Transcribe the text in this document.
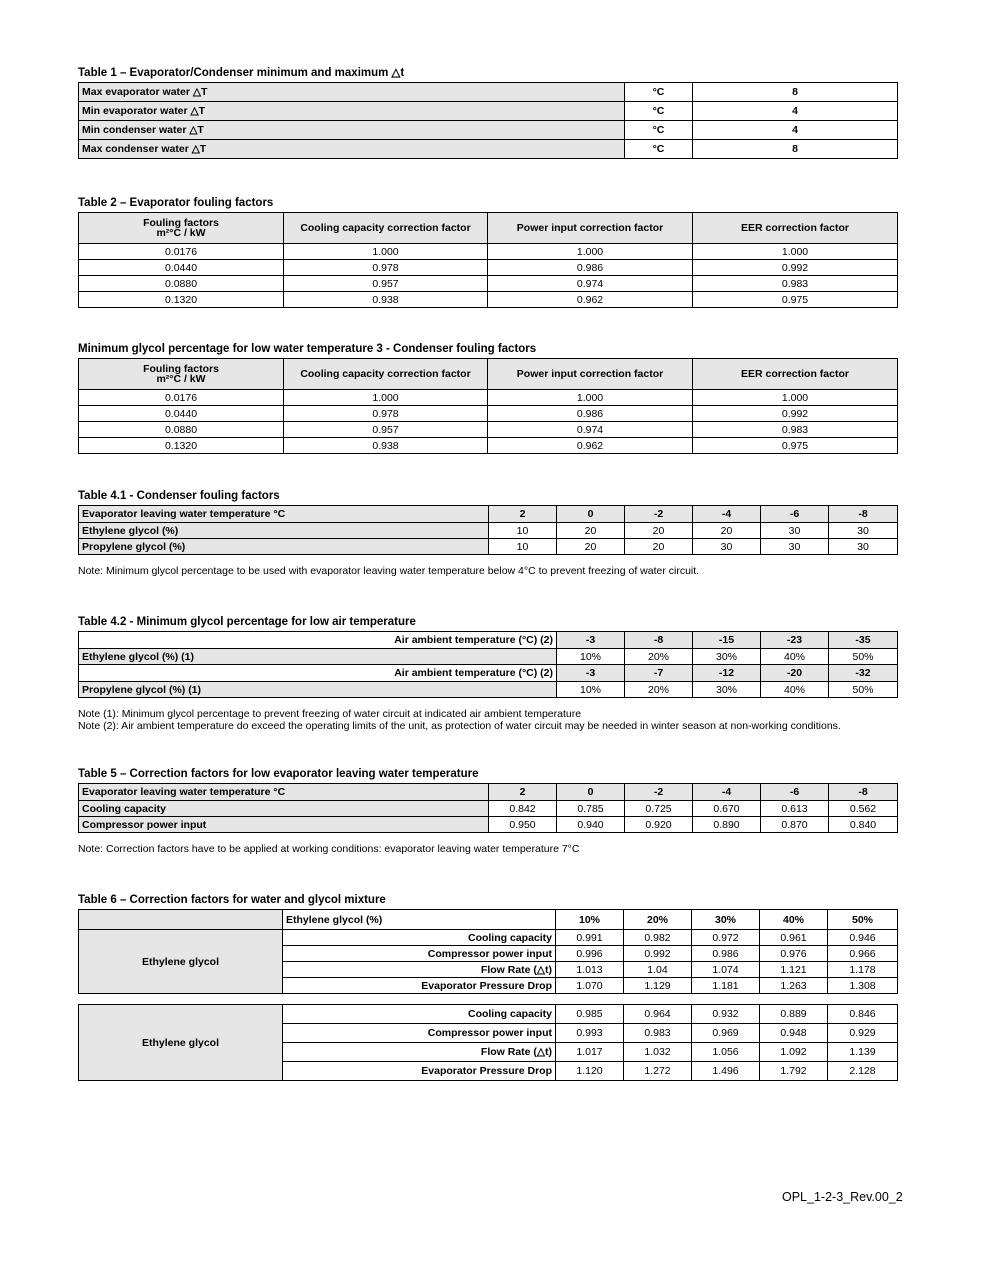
Table 1 – Evaporator/Condenser minimum and maximum △t
Max evaporator water △T	°C	8
Min evaporator water △T	°C	4
Min condenser water △T	°C	4
Max condenser water △T	°C	8
Table 2 – Evaporator fouling factors
Fouling factors
m²°C / kW	Cooling capacity correction factor	Power input correction factor	EER correction factor
0.0176	1.000	1.000	1.000
0.0440	0.978	0.986	0.992
0.0880	0.957	0.974	0.983
0.1320	0.938	0.962	0.975
Minimum glycol percentage for low water temperature 3 - Condenser fouling factors
Fouling factors
m²°C / kW	Cooling capacity correction factor	Power input correction factor	EER correction factor
0.0176	1.000	1.000	1.000
0.0440	0.978	0.986	0.992
0.0880	0.957	0.974	0.983
0.1320	0.938	0.962	0.975
Table 4.1 - Condenser fouling factors
Evaporator leaving water temperature °C	2	0	-2	-4	-6	-8
Ethylene glycol (%)	10	20	20	20	30	30
Propylene glycol (%)	10	20	20	30	30	30
Note: Minimum glycol percentage to be used with evaporator leaving water temperature below 4°C to prevent freezing of water circuit.
Table 4.2 - Minimum glycol percentage for low air temperature
Air ambient temperature (°C) (2)	-3	-8	-15	-23	-35
Ethylene glycol (%) (1)	10%	20%	30%	40%	50%
Air ambient temperature (°C) (2)	-3	-7	-12	-20	-32
Propylene glycol (%) (1)	10%	20%	30%	40%	50%
Note (1): Minimum glycol percentage to prevent freezing of water circuit at indicated air ambient temperature
Note (2): Air ambient temperature do exceed the operating limits of the unit, as protection of water circuit may be needed in winter season at non-working conditions.
Table 5 – Correction factors for low evaporator leaving water temperature
Evaporator leaving water temperature °C	2	0	-2	-4	-6	-8
Cooling capacity	0.842	0.785	0.725	0.670	0.613	0.562
Compressor power input	0.950	0.940	0.920	0.890	0.870	0.840
Note: Correction factors have to be applied at working conditions: evaporator leaving water temperature 7°C
Table 6 – Correction factors for water and glycol mixture
	Ethylene glycol (%)	10%	20%	30%	40%	50%
Ethylene glycol	Cooling capacity	0.991	0.982	0.972	0.961	0.946
	Compressor power input	0.996	0.992	0.986	0.976	0.966
	Flow Rate (△t)	1.013	1.04	1.074	1.121	1.178
	Evaporator Pressure Drop	1.070	1.129	1.181	1.263	1.308
Ethylene glycol	Cooling capacity	0.985	0.964	0.932	0.889	0.846
	Compressor power input	0.993	0.983	0.969	0.948	0.929
	Flow Rate (△t)	1.017	1.032	1.056	1.092	1.139
	Evaporator Pressure Drop	1.120	1.272	1.496	1.792	2.128
OPL_1-2-3_Rev.00_2
